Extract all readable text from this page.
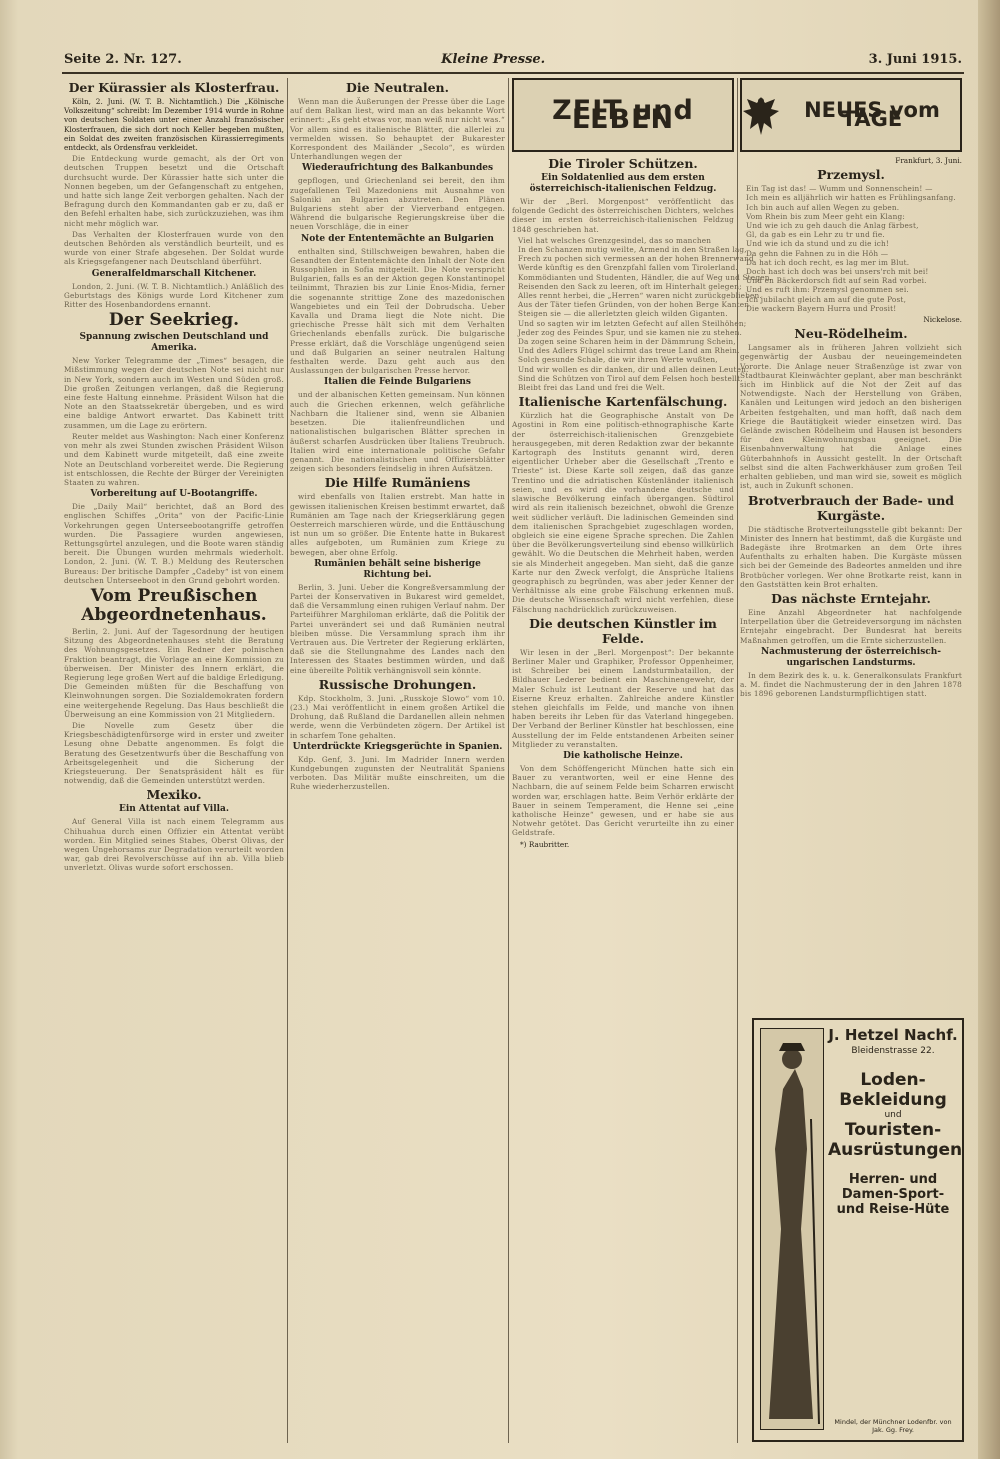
Seite 2. Nr. 127.	Kleine Presse.	3. Juni 1915.
Der Kürassier als Klosterfrau.

Köln, 2. Juni. (W. T. B. Nichtamtlich.) Die „Kölnische Volkszeitung“ schreibt: Im Dezember 1914 wurde in Rohne von deutschen Soldaten unter einer Anzahl französischer Klosterfrauen, die sich dort noch Keller begeben mußten, ein Soldat des zweiten französischen Kürassierregiments entdeckt, als Ordensfrau verkleidet.

Die Entdeckung wurde gemacht, als der Ort von deutschen Truppen besetzt und die Ortschaft durchsucht wurde. Der Kürassier hatte sich unter die Nonnen begeben, um der Gefangenschaft zu entgehen, und hatte sich lange Zeit verborgen gehalten. Nach der Befragung durch den Kommandanten gab er zu, daß er den Befehl erhalten habe, sich zurückzuziehen, was ihm nicht mehr möglich war.

Das Verhalten der Klosterfrauen wurde von den deutschen Behörden als verständlich beurteilt, und es wurde von einer Strafe abgesehen. Der Soldat wurde als Kriegsgefangener nach Deutschland überführt.

Generalfeldmarschall Kitchener.

London, 2. Juni. (W. T. B. Nichtamtlich.) Anläßlich des Geburtstags des Königs wurde Lord Kitchener zum Ritter des Hosenbandordens ernannt.

Der Seekrieg.
Spannung zwischen Deutschland und Amerika.

New Yorker Telegramme der „Times“ besagen, die Mißstimmung wegen der deutschen Note sei nicht nur in New York, sondern auch im Westen und Süden groß. Die großen Zeitungen verlangen, daß die Regierung eine feste Haltung einnehme. Präsident Wilson hat die Note an den Staatssekretär übergeben, und es wird eine baldige Antwort erwartet. Das Kabinett tritt zusammen, um die Lage zu erörtern.

Reuter meldet aus Washington: Nach einer Konferenz von mehr als zwei Stunden zwischen Präsident Wilson und dem Kabinett wurde mitgeteilt, daß eine zweite Note an Deutschland vorbereitet werde. Die Regierung ist entschlossen, die Rechte der Bürger der Vereinigten Staaten zu wahren.

Vorbereitung auf U-Bootangriffe.

Die „Daily Mail“ berichtet, daß an Bord des englischen Schiffes „Orita“ von der Pacific-Linie Vorkehrungen gegen Unterseebootangriffe getroffen wurden. Die Passagiere wurden angewiesen, Rettungsgürtel anzulegen, und die Boote waren ständig bereit. Die Übungen wurden mehrmals wiederholt. London, 2. Juni. (W. T. B.) Meldung des Reuterschen Bureaus: Der britische Dampfer „Cadeby“ ist von einem deutschen Unterseeboot in den Grund gebohrt worden.

Vom Preußischen Abgeordnetenhaus.

Berlin, 2. Juni. Auf der Tagesordnung der heutigen Sitzung des Abgeordnetenhauses steht die Beratung des Wohnungsgesetzes. Ein Redner der polnischen Fraktion beantragt, die Vorlage an eine Kommission zu überweisen. Der Minister des Innern erklärt, die Regierung lege großen Wert auf die baldige Erledigung. Die Gemeinden müßten für die Beschaffung von Kleinwohnungen sorgen. Die Sozialdemokraten fordern eine weitergehende Regelung. Das Haus beschließt die Überweisung an eine Kommission von 21 Mitgliedern.

Die Novelle zum Gesetz über die Kriegsbeschädigtenfürsorge wird in erster und zweiter Lesung ohne Debatte angenommen. Es folgt die Beratung des Gesetzentwurfs über die Beschaffung von Arbeitsgelegenheit und die Sicherung der Kriegsteuerung. Der Senatspräsident hält es für notwendig, daß die Gemeinden unterstützt werden.

Mexiko.
Ein Attentat auf Villa.

Auf General Villa ist nach einem Telegramm aus Chihuahua durch einen Offizier ein Attentat verübt worden. Ein Mitglied seines Stabes, Oberst Olivas, der wegen Ungehorsams zur Degradation verurteilt worden war, gab drei Revolverschüsse auf ihn ab. Villa blieb unverletzt. Olivas wurde sofort erschossen.

Die Neutralen.

Wenn man die Äußerungen der Presse über die Lage auf dem Balkan liest, wird man an das bekannte Wort erinnert: „Es geht etwas vor, man weiß nur nicht was.“ Vor allem sind es italienische Blätter, die allerlei zu vermelden wissen. So behauptet der Bukarester Korrespondent des Mailänder „Secolo“, es würden Unterhandlungen wegen der

Wiederaufrichtung des Balkanbundes

gepflogen, und Griechenland sei bereit, den ihm zugefallenen Teil Mazedoniens mit Ausnahme von Saloniki an Bulgarien abzutreten. Den Plänen Bulgariens steht aber der Vierverband entgegen. Während die bulgarische Regierungskreise über die neuen Vorschläge, die in einer

Note der Ententemächte an Bulgarien

enthalten sind, Stillschweigen bewahren, haben die Gesandten der Ententemächte den Inhalt der Note den Russophilen in Sofia mitgeteilt. Die Note verspricht Bulgarien, falls es an der Aktion gegen Konstantinopel teilnimmt, Thrazien bis zur Linie Enos-Midia, ferner die sogenannte strittige Zone des mazedonischen Wangebietes und ein Teil der Dobrudscha. Ueber Kavalla und Drama liegt die Note nicht. Die griechische Presse hält sich mit dem Verhalten Griechenlands ebenfalls zurück. Die bulgarische Presse erklärt, daß die Vorschläge ungenügend seien und daß Bulgarien an seiner neutralen Haltung festhalten werde. Dazu geht auch aus den Auslassungen der bulgarischen Presse hervor.

Italien die Feinde Bulgariens

und der albanischen Ketten gemeinsam. Nun können auch die Griechen erkennen, welch gefährliche Nachbarn die Italiener sind, wenn sie Albanien besetzen. Die italienfreundlichen und nationalistischen bulgarischen Blätter sprechen in äußerst scharfen Ausdrücken über Italiens Treubruch. Italien wird eine internationale politische Gefahr genannt. Die nationalistischen und Offiziersblätter zeigen sich besonders feindselig in ihren Aufsätzen.

Die Hilfe Rumäniens

wird ebenfalls von Italien erstrebt. Man hatte in gewissen italienischen Kreisen bestimmt erwartet, daß Rumänien am Tage nach der Kriegserklärung gegen Oesterreich marschieren würde, und die Enttäuschung ist nun um so größer. Die Entente hatte in Bukarest alles aufgeboten, um Rumänien zum Kriege zu bewegen, aber ohne Erfolg.

Rumänien behält seine bisherige Richtung bei.

Berlin, 3. Juni. Ueber die Kongreßversammlung der Partei der Konservativen in Bukarest wird gemeldet, daß die Versammlung einen ruhigen Verlauf nahm. Der Parteiführer Marghiloman erklärte, daß die Politik der Partei unverändert sei und daß Rumänien neutral bleiben müsse. Die Versammlung sprach ihm ihr Vertrauen aus. Die Vertreter der Regierung erklärten, daß sie die Stellungnahme des Landes nach den Interessen des Staates bestimmen würden, und daß eine übereilte Politik verhängnisvoll sein könnte.

Russische Drohungen.

Kdp. Stockholm, 3. Juni. „Russkoje Slowo“ vom 10. (23.) Mai veröffentlicht in einem großen Artikel die Drohung, daß Rußland die Dardanellen allein nehmen werde, wenn die Verbündeten zögern. Der Artikel ist in scharfem Tone gehalten.

Unterdrückte Kriegsgerüchte in Spanien.

Kdp. Genf, 3. Juni. Im Madrider Innern werden Kundgebungen zugunsten der Neutralität Spaniens verboten. Das Militär mußte einschreiten, um die Ruhe wiederherzustellen.

ZEIT und LEBEN
Die Tiroler Schützen.
Ein Soldatenlied aus dem ersten österreichisch-italienischen Feldzug.

Wir der „Berl. Morgenpost“ veröffentlicht das folgende Gedicht des österreichischen Dichters, welches dieser im ersten österreichisch-italienischen Feldzug 1848 geschrieben hat.

Viel hat welsches Grenzgesindel, das so manchen
In den Schanzen mutig weilte, Armend in den Straßen lag,
Frech zu pochen sich vermessen an der hohen Brennerwand
Werde künftig es den Grenzpfahl fallen vom Tirolerland.
Kommödianten und Studenten, Händler, die auf Weg und Stegen,
Reisenden den Sack zu leeren, oft im Hinterhalt gelegen;
Alles rennt herbei, die „Herren“ waren nicht zurückgeblieben.
Aus der Täter tiefen Gründen, von der hohen Berge Kanten
Steigen sie — die allerletzten gleich wilden Giganten.
Und so sagten wir im letzten Gefecht auf allen Steilhöhen;
Jeder zog des Feindes Spur, und sie kamen nie zu stehen.
Da zogen seine Scharen heim in der Dämmrung Schein,
Und des Adlers Flügel schirmt das treue Land am Rhein.
Solch gesunde Schale, die wir ihren Werte wußten,
Und wir wollen es dir danken, dir und allen deinen Leuten.
Sind die Schützen von Tirol auf dem Felsen hoch bestellt,
Bleibt frei das Land und frei die Welt.
Italienische Kartenfälschung.

Kürzlich hat die Geographische Anstalt von De Agostini in Rom eine politisch-ethnographische Karte der österreichisch-italienischen Grenzgebiete herausgegeben, mit deren Redaktion zwar der bekannte Kartograph des Instituts genannt wird, deren eigentlicher Urheber aber die Gesellschaft „Trento e Trieste“ ist. Diese Karte soll zeigen, daß das ganze Trentino und die adriatischen Küstenländer italienisch seien, und es wird die vorhandene deutsche und slawische Bevölkerung einfach übergangen. Südtirol wird als rein italienisch bezeichnet, obwohl die Grenze weit südlicher verläuft. Die ladinischen Gemeinden sind dem italienischen Sprachgebiet zugeschlagen worden, obgleich sie eine eigene Sprache sprechen. Die Zahlen über die Bevölkerungsverteilung sind ebenso willkürlich gewählt. Wo die Deutschen die Mehrheit haben, werden sie als Minderheit angegeben. Man sieht, daß die ganze Karte nur den Zweck verfolgt, die Ansprüche Italiens geographisch zu begründen, was aber jeder Kenner der Verhältnisse als eine grobe Fälschung erkennen muß. Die deutsche Wissenschaft wird nicht verfehlen, diese Fälschung nachdrücklich zurückzuweisen.

Die deutschen Künstler im Felde.

Wir lesen in der „Berl. Morgenpost“: Der bekannte Berliner Maler und Graphiker, Professor Oppenheimer, ist Schreiber bei einem Landsturmbataillon, der Bildhauer Lederer bedient ein Maschinengewehr, der Maler Schulz ist Leutnant der Reserve und hat das Eiserne Kreuz erhalten. Zahlreiche andere Künstler stehen gleichfalls im Felde, und manche von ihnen haben bereits ihr Leben für das Vaterland hingegeben. Der Verband der Berliner Künstler hat beschlossen, eine Ausstellung der im Felde entstandenen Arbeiten seiner Mitglieder zu veranstalten.

Die katholische Heinze.

Von dem Schöffengericht München hatte sich ein Bauer zu verantworten, weil er eine Henne des Nachbarn, die auf seinem Felde beim Scharren erwischt worden war, erschlagen hatte. Beim Verhör erklärte der Bauer in seinem Temperament, die Henne sei „eine katholische Heinze“ gewesen, und er habe sie aus Notwehr getötet. Das Gericht verurteilte ihn zu einer Geldstrafe.

*) Raubritter.

NEUES vom TAGE

Frankfurt, 3. Juni.

Przemysl.
Ein Tag ist das! — Wumm und Sonnenschein! —
Ich mein es alljährlich wir hatten es Frühlingsanfang.
Ich bin auch auf allen Wegen zu geben.
Vom Rhein bis zum Meer geht ein Klang:
Und wie ich zu geh dauch die Anlag färbest,
Gl, da gab es ein Lehr zu tr und fie.
Und wie ich da stund und zu die ich!
Da gehn die Fahnen zu in die Höh —
Da hat ich doch recht, es lag mer im Blut.
Doch hast ich doch was bei unsers'rch mit bei!
Und en Bäckerdorsch fidt auf sein Rad vorbei.
Und es ruft ihm: Przemysl genommen sei.
Ich jubilacht gleich am auf die gute Post,
Die wackern Bayern Hurra und Prosit!

Nickelose.

Neu-Rödelheim.

Langsamer als in früheren Jahren vollzieht sich gegenwärtig der Ausbau der neueingemeindeten Vororte. Die Anlage neuer Straßenzüge ist zwar von Stadtbaurat Kleinwächter geplant, aber man beschränkt sich im Hinblick auf die Not der Zeit auf das Notwendigste. Nach der Herstellung von Gräben, Kanälen und Leitungen wird jedoch an den bisherigen Arbeiten festgehalten, und man hofft, daß nach dem Kriege die Bautätigkeit wieder einsetzen wird. Das Gelände zwischen Rödelheim und Hausen ist besonders für den Kleinwohnungsbau geeignet. Die Eisenbahnverwaltung hat die Anlage eines Güterbahnhofs in Aussicht gestellt. In der Ortschaft selbst sind die alten Fachwerkhäuser zum großen Teil erhalten geblieben, und man wird sie, soweit es möglich ist, auch in Zukunft schonen.

Brotverbrauch der Bade- und Kurgäste.

Die städtische Brotverteilungsstelle gibt bekannt: Der Minister des Innern hat bestimmt, daß die Kurgäste und Badegäste ihre Brotmarken an dem Orte ihres Aufenthalts zu erhalten haben. Die Kurgäste müssen sich bei der Gemeinde des Badeortes anmelden und ihre Brotbücher vorlegen. Wer ohne Brotkarte reist, kann in den Gaststätten kein Brot erhalten.

Das nächste Erntejahr.

Eine Anzahl Abgeordneter hat nachfolgende Interpellation über die Getreideversorgung im nächsten Erntejahr eingebracht. Der Bundesrat hat bereits Maßnahmen getroffen, um die Ernte sicherzustellen.

Nachmusterung der österreichisch-ungarischen Landsturms.

In dem Bezirk des k. u. k. Generalkonsulats Frankfurt a. M. findet die Nachmusterung der in den Jahren 1878 bis 1896 geborenen Landsturmpflichtigen statt.

J. Hetzel Nachf.
Bleidenstrasse 22.
Loden-Bekleidung
und
Touristen-Ausrüstungen
Herren- und Damen-Sport- und Reise-Hüte
Mindel, der Münchner Lodenfbr. von Jak. Gg. Frey.
